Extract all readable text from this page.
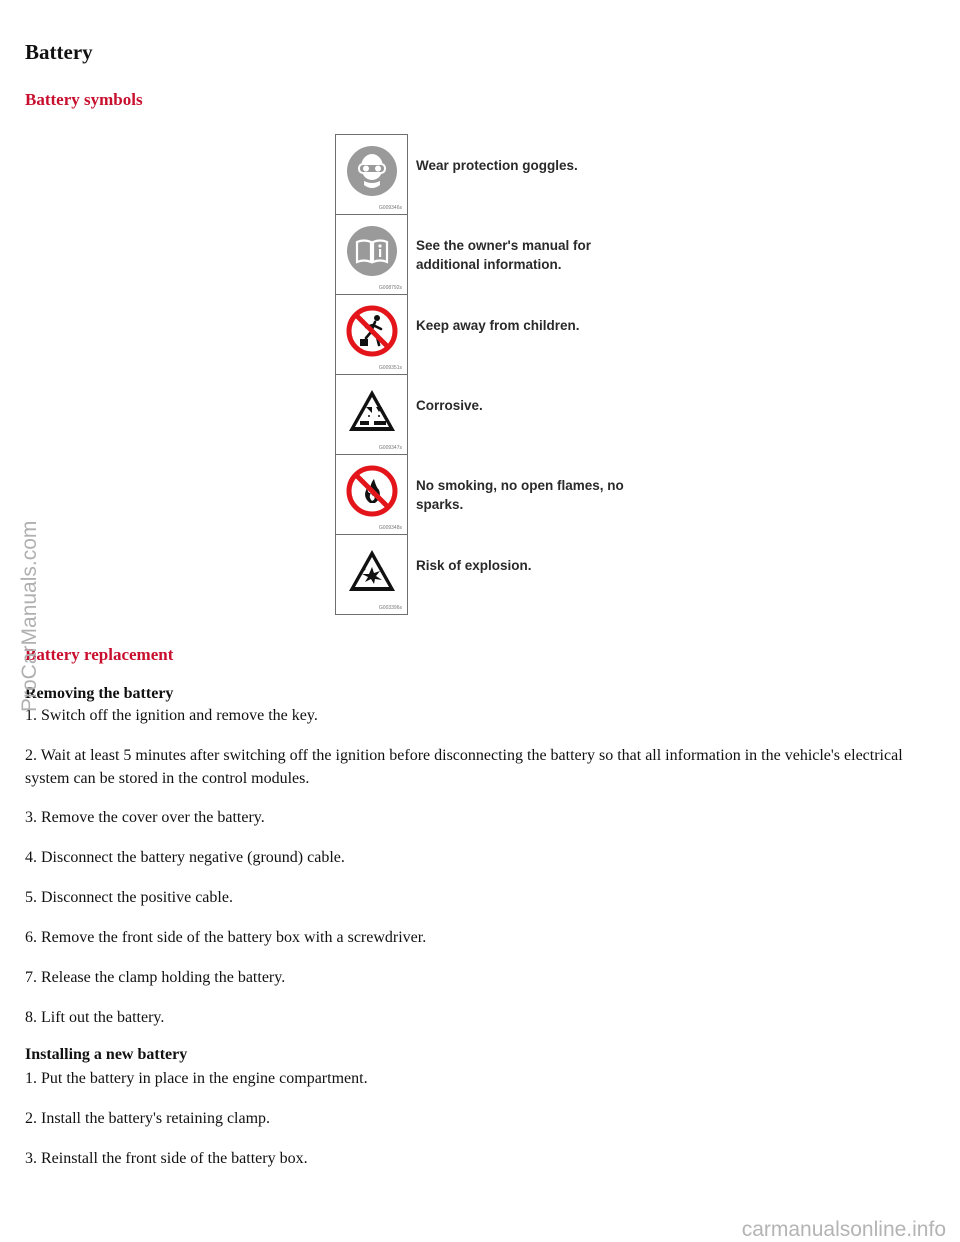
Battery
Battery symbols
G009346s
Wear protection goggles.
G008792s
See the owner's manual for additional information.
G009351s
Keep away from children.
G009347s
Corrosive.
G009348s
No smoking, no open flames, no sparks.
G003396s
Risk of explosion.
Battery replacement
Removing the battery
1. Switch off the ignition and remove the key.
2. Wait at least 5 minutes after switching off the ignition before disconnecting the battery so that all information in the vehicle's electrical system can be stored in the control modules.
3. Remove the cover over the battery.
4. Disconnect the battery negative (ground) cable.
5. Disconnect the positive cable.
6. Remove the front side of the battery box with a screwdriver.
7. Release the clamp holding the battery.
8. Lift out the battery.
Installing a new battery
1. Put the battery in place in the engine compartment.
2. Install the battery's retaining clamp.
3. Reinstall the front side of the battery box.
ProCarManuals.com
carmanualsonline.info
